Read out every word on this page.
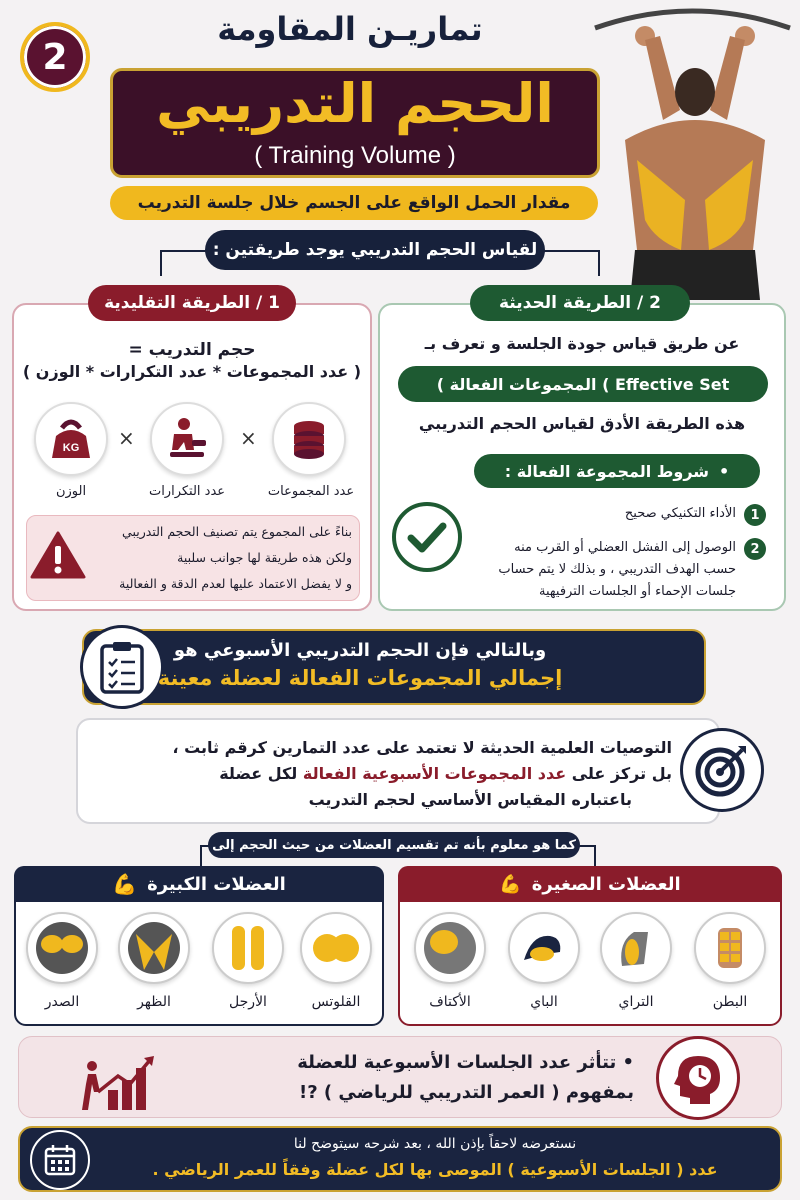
2
تماريـن المقاومة
الحجم التدريبي
( Training Volume )
مقدار الحمل الواقع على الجسم خلال جلسة التدريب
لقياس الحجم التدريبي يوجد طريقتين :
1 / الطريقة التقليدية
حجم التدريب =
( عدد المجموعات * عدد التكرارات * الوزن )
KG ×	×
الوزن	عدد التكرارات	عدد المجموعات
بناءً على المجموع يتم تصنيف الحجم التدريبي
ولكن هذه طريقة لها جوانب سلبية
و لا يفضل الاعتماد عليها لعدم الدقة و الفعالية
2 / الطريقة الحديثة
عن طريق قياس جودة الجلسة و تعرف بـ
( المجموعات الفعالة ( Effective Set
هذه الطريقة الأدق لقياس الحجم التدريبي
•
شروط المجموعة الفعالة :
1
الأداء التكنيكي صحيح
2
الوصول إلى الفشل العضلي أو القرب منه
حسب الهدف التدريبي ، و بذلك لا يتم حساب
جلسات الإحماء أو الجلسات الترفيهية
وبالتالي فإن الحجم التدريبي الأسبوعي هو
إجمالي المجموعات الفعالة لعضلة معينة
التوصيات العلمية الحديثة لا تعتمد على عدد التمارين كرقم ثابت ،
بل تركز على عدد المجموعات الأسبوعية الفعالة لكل عضلة
باعتباره المقياس الأساسي لحجم التدريب
كما هو معلوم بأنه تم تقسيم العضلات من حيث الحجم إلى
العضلات الكبيرة
💪
الصدر	الظهر	الأرجل	القلوتس
العضلات الصغيرة
💪
الأكتاف	الباي	التراي	البطن
• تتأثر عدد الجلسات الأسبوعية للعضلة
بمفهوم ( العمر التدريبي للرياضي ) ?!
نستعرضه لاحقاً بإذن الله ، بعد شرحه سيتوضح لنا
عدد ( الجلسات الأسبوعية ) الموصى بها لكل عضلة وفقاً للعمر الرياضي .
